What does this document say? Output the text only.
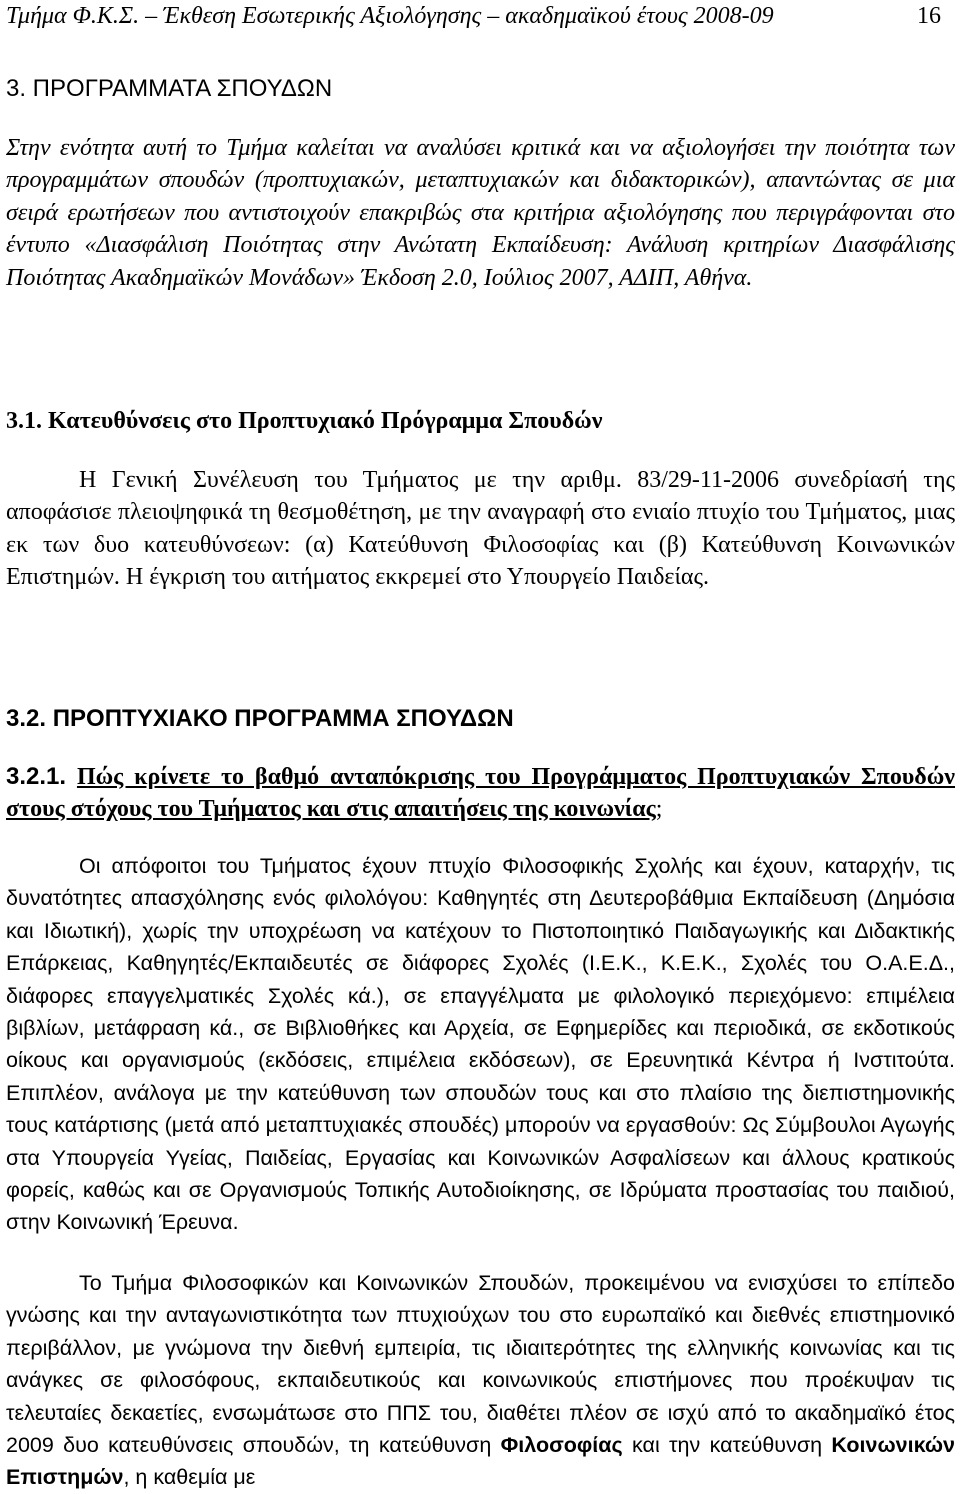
Τμήμα Φ.Κ.Σ. – Έκθεση Εσωτερικής Αξιολόγησης – ακαδημαϊκού έτους 2008-09	16
3. ΠΡΟΓΡΑΜΜΑΤΑ ΣΠΟΥΔΩΝ
Στην ενότητα αυτή το Τμήμα καλείται να αναλύσει κριτικά και να αξιολογήσει την ποιότητα των προγραμμάτων σπουδών (προπτυχιακών, μεταπτυχιακών και διδακτορικών), απαντώντας σε μια σειρά ερωτήσεων που αντιστοιχούν επακριβώς στα κριτήρια αξιολόγησης που περιγράφονται στο έντυπο «Διασφάλιση Ποιότητας στην Ανώτατη Εκπαίδευση: Ανάλυση κριτηρίων Διασφάλισης Ποιότητας Ακαδημαϊκών Μονάδων» Έκδοση 2.0, Ιούλιος 2007, ΑΔΙΠ, Αθήνα.
3.1. Κατευθύνσεις στο Προπτυχιακό Πρόγραμμα Σπουδών
Η Γενική Συνέλευση του Τμήματος με την αριθμ. 83/29-11-2006 συνεδρίασή της αποφάσισε πλειοψηφικά τη θεσμοθέτηση, με την αναγραφή στο ενιαίο πτυχίο του Τμήματος, μιας εκ των δυο κατευθύνσεων: (α) Κατεύθυνση Φιλοσοφίας και (β) Κατεύθυνση Κοινωνικών Επιστημών. Η έγκριση του αιτήματος εκκρεμεί στο Υπουργείο Παιδείας.
3.2. ΠΡΟΠΤΥΧΙΑΚΟ ΠΡΟΓΡΑΜΜΑ ΣΠΟΥΔΩΝ
3.2.1. Πώς κρίνετε το βαθμό ανταπόκρισης του Προγράμματος Προπτυχιακών Σπουδών στους στόχους του Τμήματος και στις απαιτήσεις της κοινωνίας;
Οι απόφοιτοι του Τμήματος έχουν πτυχίο Φιλοσοφικής Σχολής και έχουν, καταρχήν, τις δυνατότητες απασχόλησης ενός φιλολόγου: Καθηγητές στη Δευτεροβάθμια Εκπαίδευση (Δημόσια και Ιδιωτική), χωρίς την υποχρέωση να κατέχουν το Πιστοποιητικό Παιδαγωγικής και Διδακτικής Επάρκειας, Καθηγητές/Εκπαιδευτές σε διάφορες Σχολές (Ι.Ε.Κ., Κ.Ε.Κ., Σχολές του Ο.Α.Ε.Δ., διάφορες επαγγελματικές Σχολές κά.), σε επαγγέλματα με φιλολογικό περιεχόμενο: επιμέλεια βιβλίων, μετάφραση κά., σε Βιβλιοθήκες και Αρχεία, σε Εφημερίδες και περιοδικά, σε εκδοτικούς οίκους και οργανισμούς (εκδόσεις, επιμέλεια εκδόσεων), σε Ερευνητικά Κέντρα ή Ινστιτούτα. Επιπλέον, ανάλογα με την κατεύθυνση των σπουδών τους και στο πλαίσιο της διεπιστημονικής τους κατάρτισης (μετά από μεταπτυχιακές σπουδές) μπορούν να εργασθούν: Ως Σύμβουλοι Αγωγής στα Υπουργεία Υγείας, Παιδείας, Εργασίας και Κοινωνικών Ασφαλίσεων και άλλους κρατικούς φορείς, καθώς και σε Οργανισμούς Τοπικής Αυτοδιοίκησης, σε Ιδρύματα προστασίας του παιδιού, στην Κοινωνική Έρευνα.
Το Τμήμα Φιλοσοφικών και Κοινωνικών Σπουδών, προκειμένου να ενισχύσει το επίπεδο γνώσης και την ανταγωνιστικότητα των πτυχιούχων του στο ευρωπαϊκό και διεθνές επιστημονικό περιβάλλον, με γνώμονα την διεθνή εμπειρία, τις ιδιαιτερότητες της ελληνικής κοινωνίας και τις ανάγκες σε φιλοσόφους, εκπαιδευτικούς και κοινωνικούς επιστήμονες που προέκυψαν τις τελευταίες δεκαετίες, ενσωμάτωσε στο ΠΠΣ του, διαθέτει πλέον σε ισχύ από το ακαδημαϊκό έτος 2009 δυο κατευθύνσεις σπουδών, τη κατεύθυνση Φιλοσοφίας και την κατεύθυνση Κοινωνικών Επιστημών, η καθεμία με
